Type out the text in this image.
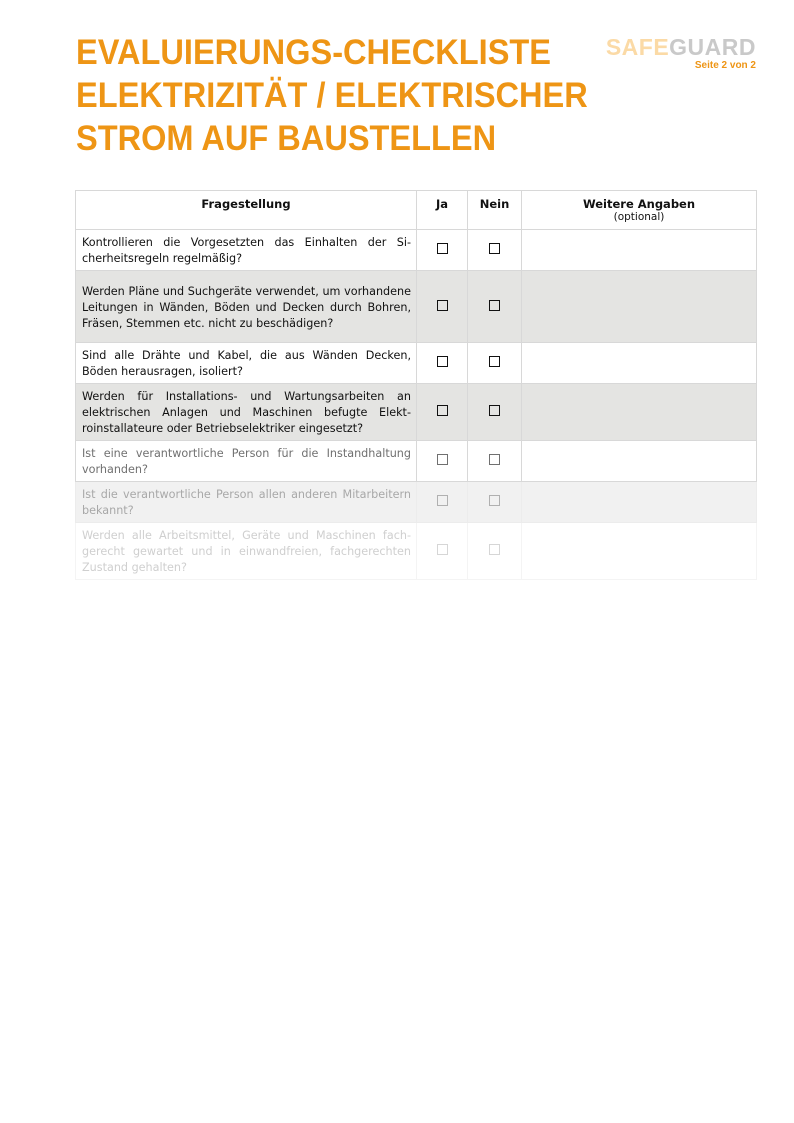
EVALUIERUNGS-CHECKLISTE
ELEKTRIZITÄT / ELEKTRISCHER
STROM AUF BAUSTELLEN
SAFEGUARD
Seite 2 von 2
Fragestellung	Ja	Nein	Weitere Angaben
(optional)

Kontrollieren die Vorgesetzten das Einhalten der Sicherheitsregeln regelmäßig?			
Werden Pläne und Suchgeräte verwendet, um vorhandene Leitungen in Wänden, Böden und Decken durch Bohren, Fräsen, Stemmen etc. nicht zu beschädigen?			
Sind alle Drähte und Kabel, die aus Wänden Decken, Böden herausragen, isoliert?			
Werden für Installations- und Wartungsarbeiten an elektrischen Anlagen und Maschinen befugte Elektroinstallateure oder Betriebselektriker eingesetzt?			
Ist eine verantwortliche Person für die Instandhaltung vorhanden?			
Ist die verantwortliche Person allen anderen Mitarbeitern bekannt?			
Werden alle Arbeitsmittel, Geräte und Maschinen fachgerecht gewartet und in einwandfreien, fachgerechten Zustand gehalten?			
